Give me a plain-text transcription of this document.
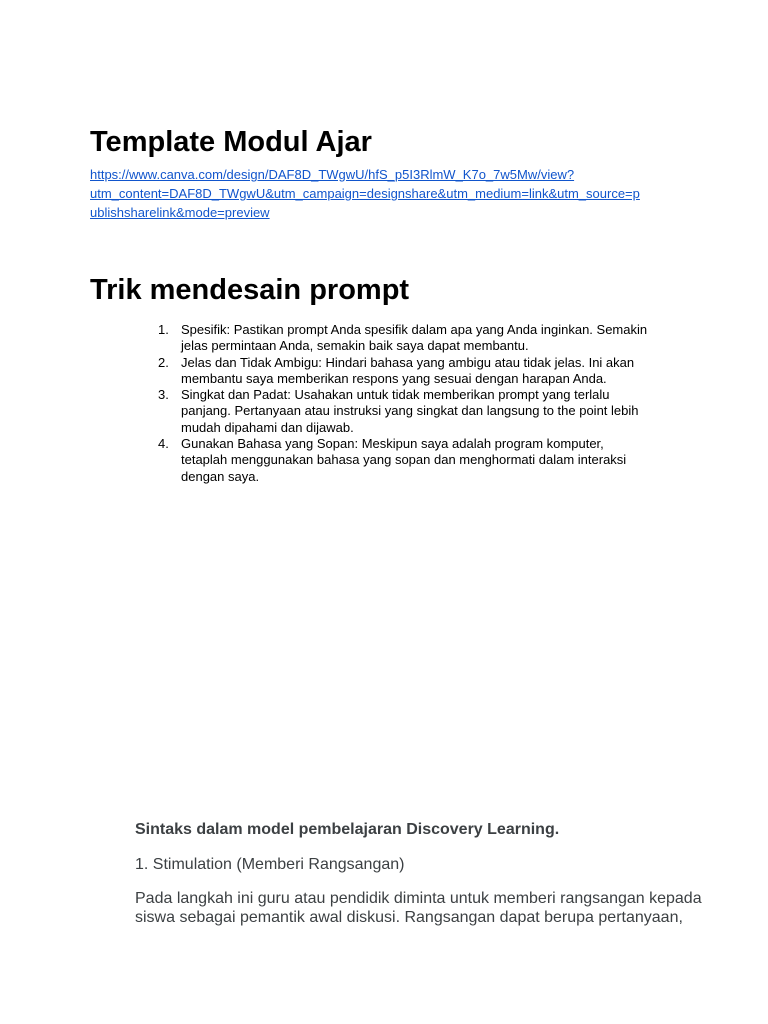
Template Modul Ajar
https://www.canva.com/design/DAF8D_TWgwU/hfS_p5I3RlmW_K7o_7w5Mw/view?
utm_content=DAF8D_TWgwU&utm_campaign=designshare&utm_medium=link&utm_source=p
ublishsharelink&mode=preview
Trik mendesain prompt
1. Spesifik: Pastikan prompt Anda spesifik dalam apa yang Anda inginkan. Semakin
jelas permintaan Anda, semakin baik saya dapat membantu.
2. Jelas dan Tidak Ambigu: Hindari bahasa yang ambigu atau tidak jelas. Ini akan
membantu saya memberikan respons yang sesuai dengan harapan Anda.
3. Singkat dan Padat: Usahakan untuk tidak memberikan prompt yang terlalu
panjang. Pertanyaan atau instruksi yang singkat dan langsung to the point lebih
mudah dipahami dan dijawab.
4. Gunakan Bahasa yang Sopan: Meskipun saya adalah program komputer,
tetaplah menggunakan bahasa yang sopan dan menghormati dalam interaksi
dengan saya.
Sintaks dalam model pembelajaran Discovery Learning.
1. Stimulation (Memberi Rangsangan)
Pada langkah ini guru atau pendidik diminta untuk memberi rangsangan kepada
siswa sebagai pemantik awal diskusi. Rangsangan dapat berupa pertanyaan,
